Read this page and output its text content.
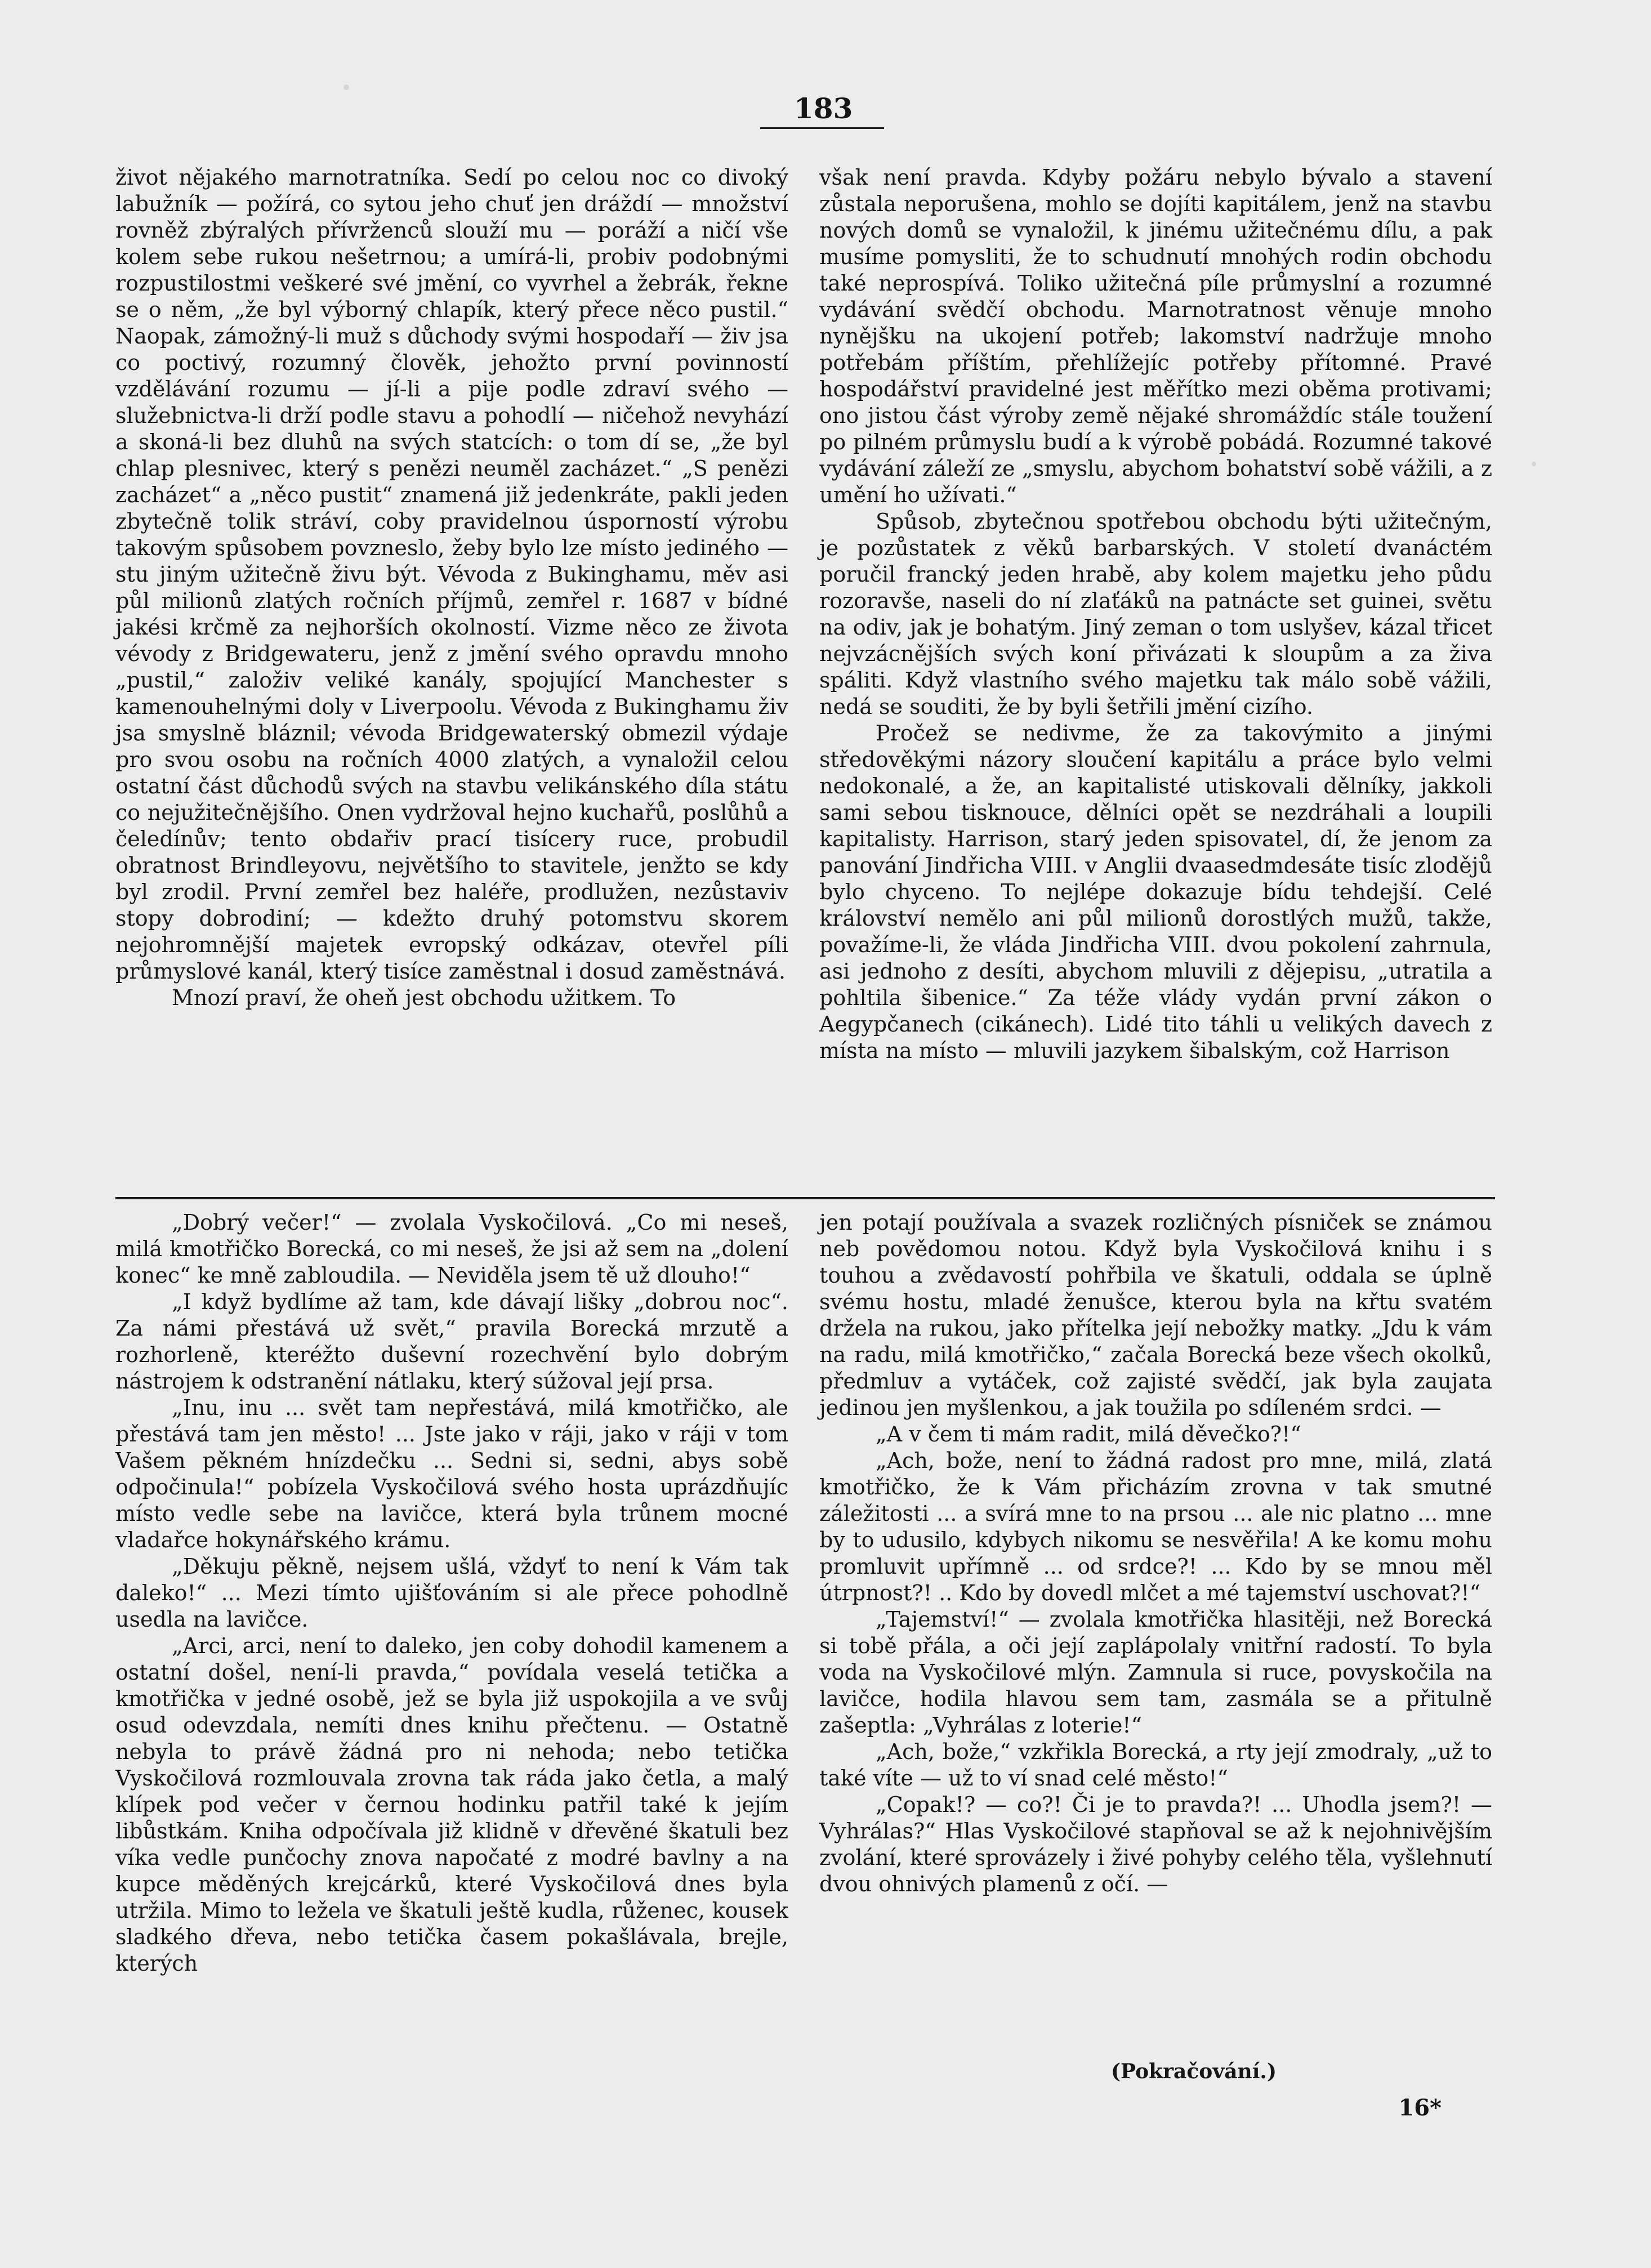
183

život nějakého marnotratníka. Sedí po celou noc co divoký labužník — požírá, co sytou jeho chuť jen dráždí — množství rovněž zbýralých přívrženců slouží mu — poráží a ničí vše kolem sebe rukou nešetrnou; a umírá-li, probiv podobnými rozpustilostmi veškeré své jmění, co vyvrhel a žebrák, řekne se o něm, „že byl výborný chlapík, který přece něco pustil.“ Naopak, zámožný-li muž s důchody svými hospodaří — živ jsa co poctivý, rozumný člověk, jehožto první povinností vzdělávání rozumu — jí-li a pije podle zdraví svého — služebnictva-li drží podle stavu a pohodlí — ničehož nevyhází a skoná-li bez dluhů na svých statcích: o tom dí se, „že byl chlap plesnivec, který s penězi neuměl zacházet.“ „S penězi zacházet“ a „něco pustit“ znamená již jedenkráte, pakli jeden zbytečně tolik stráví, coby pravidelnou úsporností výrobu takovým spůsobem povzneslo, žeby bylo lze místo jediného — stu jiným užitečně živu být. Vévoda z Bukinghamu, měv asi půl milionů zlatých ročních příjmů, zemřel r. 1687 v bídné jakési krčmě za nejhorších okolností. Vizme něco ze života vévody z Bridgewateru, jenž z jmění svého opravdu mnoho „pustil,“ založiv veliké kanály, spojující Manchester s kamenouhelnými doly v Liverpoolu. Vévoda z Bukinghamu živ jsa smyslně bláznil; vévoda Bridgewaterský obmezil výdaje pro svou osobu na ročních 4000 zlatých, a vynaložil celou ostatní část důchodů svých na stavbu velikánského díla státu co nejužitečnějšího. Onen vydržoval hejno kuchařů, poslůhů a čeledínův; tento obdařiv prací tisícery ruce, probudil obratnost Brindleyovu, největšího to stavitele, jenžto se kdy byl zrodil. První zemřel bez haléře, prodlužen, nezůstaviv stopy dobrodiní; — kdežto druhý potomstvu skorem nejohromnější majetek evropský odkázav, otevřel píli průmyslové kanál, který tisíce zaměstnal i dosud zaměstnává.

Mnozí praví, že oheň jest obchodu užitkem. To

však není pravda. Kdyby požáru nebylo bývalo a stavení zůstala neporušena, mohlo se dojíti kapitálem, jenž na stavbu nových domů se vynaložil, k jinému užitečnému dílu, a pak musíme pomysliti, že to schudnutí mnohých rodin obchodu také neprospívá. Toliko užitečná píle průmyslní a rozumné vydávání svědčí obchodu. Marnotratnost věnuje mnoho nynějšku na ukojení potřeb; lakomství nadržuje mnoho potřebám příštím, přehlížejíc potřeby přítomné. Pravé hospodářství pravidelné jest měřítko mezi oběma protivami; ono jistou část výroby země nějaké shromáždíc stále toužení po pilném průmyslu budí a k výrobě pobádá. Rozumné takové vydávání záleží ze „smyslu, abychom bohatství sobě vážili, a z umění ho užívati.“

Spůsob, zbytečnou spotřebou obchodu býti užitečným, je pozůstatek z věků barbarských. V století dvanáctém poručil francký jeden hrabě, aby kolem majetku jeho půdu rozoravše, naseli do ní zlaťáků na patnácte set guinei, světu na odiv, jak je bohatým. Jiný zeman o tom uslyšev, kázal třicet nejvzácnějších svých koní přivázati k sloupům a za živa spáliti. Když vlastního svého majetku tak málo sobě vážili, nedá se souditi, že by byli šetřili jmění cizího.

Pročež se nedivme, že za takovýmito a jinými středověkými názory sloučení kapitálu a práce bylo velmi nedokonalé, a že, an kapitalisté utiskovali dělníky, jakkoli sami sebou tisknouce, dělníci opět se nezdráhali a loupili kapitalisty. Harrison, starý jeden spisovatel, dí, že jenom za panování Jindřicha VIII. v Anglii dvaasedmdesáte tisíc zlodějů bylo chyceno. To nejlépe dokazuje bídu tehdejší. Celé království nemělo ani půl milionů dorostlých mužů, takže, považíme-li, že vláda Jindřicha VIII. dvou pokolení zahrnula, asi jednoho z desíti, abychom mluvili z dějepisu, „utratila a pohltila šibenice.“ Za téže vlády vydán první zákon o Aegypčanech (cikánech). Lidé tito táhli u velikých davech z místa na místo — mluvili jazykem šibalským, což Harrison

„Dobrý večer!“ — zvolala Vyskočilová. „Co mi neseš, milá kmotřičko Borecká, co mi neseš, že jsi až sem na „dolení konec“ ke mně zabloudila. — Neviděla jsem tě už dlouho!“

„I když bydlíme až tam, kde dávají lišky „dobrou noc“. Za námi přestává už svět,“ pravila Borecká mrzutě a rozhorleně, kteréžto duševní rozechvění bylo dobrým nástrojem k odstranění nátlaku, který súžoval její prsa.

„Inu, inu ... svět tam nepřestává, milá kmotřičko, ale přestává tam jen město! ... Jste jako v ráji, jako v ráji v tom Vašem pěkném hnízdečku ... Sedni si, sedni, abys sobě odpočinula!“ pobízela Vyskočilová svého hosta uprázdňujíc místo vedle sebe na lavičce, která byla trůnem mocné vladařce hokynářského krámu.

„Děkuju pěkně, nejsem ušlá, vždyť to není k Vám tak daleko!“ ... Mezi tímto ujišťováním si ale přece pohodlně usedla na lavičce.

„Arci, arci, není to daleko, jen coby dohodil kamenem a ostatní došel, není-li pravda,“ povídala veselá tetička a kmotřička v jedné osobě, jež se byla již uspokojila a ve svůj osud odevzdala, nemíti dnes knihu přečtenu. — Ostatně nebyla to právě žádná pro ni nehoda; nebo tetička Vyskočilová rozmlouvala zrovna tak ráda jako četla, a malý klípek pod večer v černou hodinku patřil také k jejím libůstkám. Kniha odpočívala již klidně v dřevěné škatuli bez víka vedle punčochy znova napočaté z modré bavlny a na kupce měděných krejcárků, které Vyskočilová dnes byla utržila. Mimo to ležela ve škatuli ještě kudla, růženec, kousek sladkého dřeva, nebo tetička časem pokašlávala, brejle, kterých

jen potají používala a svazek rozličných písniček se známou neb povědomou notou. Když byla Vyskočilová knihu i s touhou a zvědavostí pohřbila ve škatuli, oddala se úplně svému hostu, mladé ženušce, kterou byla na křtu svatém držela na rukou, jako přítelka její nebožky matky. „Jdu k vám na radu, milá kmotřičko,“ začala Borecká beze všech okolků, předmluv a vytáček, což zajisté svědčí, jak byla zaujata jedinou jen myšlenkou, a jak toužila po sdíleném srdci. —

„A v čem ti mám radit, milá děvečko?!“

„Ach, bože, není to žádná radost pro mne, milá, zlatá kmotřičko, že k Vám přicházím zrovna v tak smutné záležitosti ... a svírá mne to na prsou ... ale nic platno ... mne by to udusilo, kdybych nikomu se nesvěřila! A ke komu mohu promluvit upřímně ... od srdce?! ... Kdo by se mnou měl útrpnost?! .. Kdo by dovedl mlčet a mé tajemství uschovat?!“

„Tajemství!“ — zvolala kmotřička hlasitěji, než Borecká si tobě přála, a oči její zaplápolaly vnitřní radostí. To byla voda na Vyskočilové mlýn. Zamnula si ruce, povyskočila na lavičce, hodila hlavou sem tam, zasmála se a přitulně zašeptla: „Vyhrálas z loterie!“

„Ach, bože,“ vzkřikla Borecká, a rty její zmodraly, „už to také víte — už to ví snad celé město!“

„Copak!? — co?! Či je to pravda?! ... Uhodla jsem?! — Vyhrálas?“ Hlas Vyskočilové stapňoval se až k nejohnivějším zvolání, které sprovázely i živé pohyby celého těla, vyšlehnutí dvou ohnivých plamenů z očí. —

(Pokračování.)
16*
